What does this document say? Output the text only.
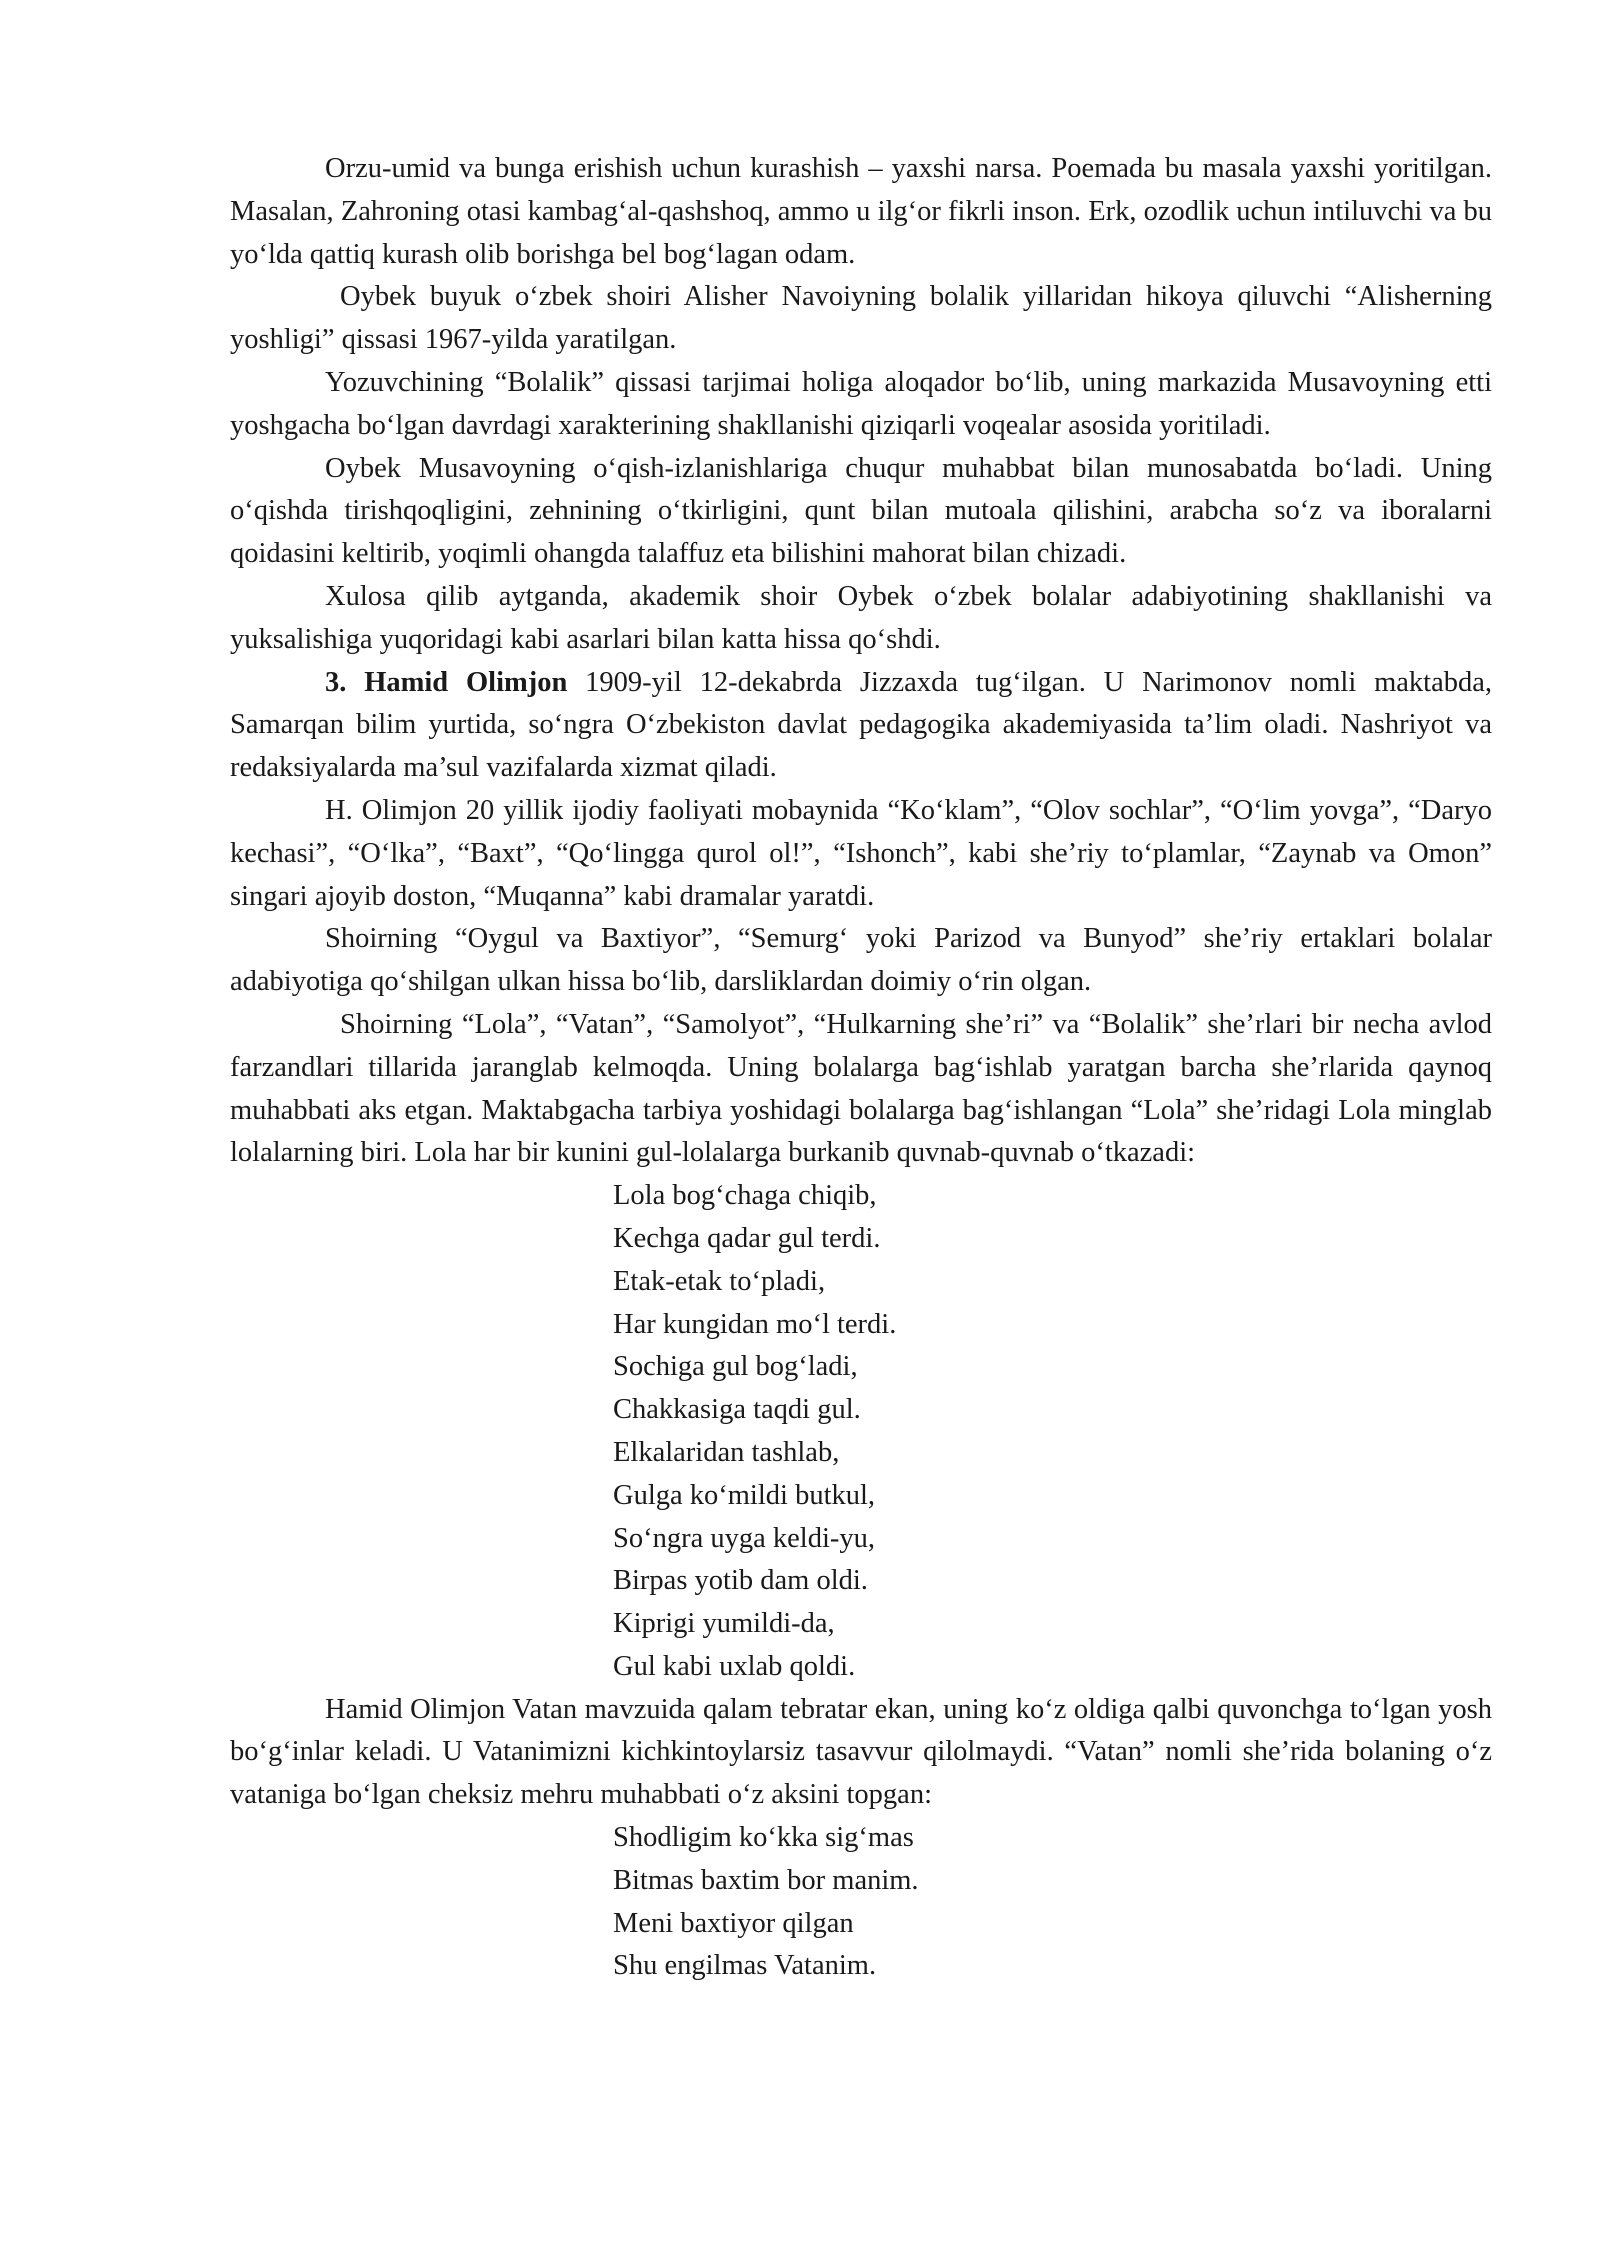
Orzu-umid va bunga erishish uchun kurashish – yaxshi narsa. Poemada bu masala yaxshi yoritilgan. Masalan, Zahroning otasi kambag‘al-qashshoq, ammo u ilg‘or fikrli inson. Erk, ozodlik uchun intiluvchi va bu yo‘lda qattiq kurash olib borishga bel bog‘lagan odam.

Oybek buyuk o‘zbek shoiri Alisher Navoiyning bolalik yillaridan hikoya qiluvchi “Alisherning yoshligi” qissasi 1967-yilda yaratilgan.

Yozuvchining “Bolalik” qissasi tarjimai holiga aloqador bo‘lib, uning markazida Musavoyning etti yoshgacha bo‘lgan davrdagi xarakterining shakllanishi qiziqarli voqealar asosida yoritiladi.

Oybek Musavoyning o‘qish-izlanishlariga chuqur muhabbat bilan munosabatda bo‘ladi. Uning o‘qishda tirishqoqligini, zehnining o‘tkirligini, qunt bilan mutoala qilishini, arabcha so‘z va iboralarni qoidasini keltirib, yoqimli ohangda talaffuz eta bilishini mahorat bilan chizadi.

Xulosa qilib aytganda, akademik shoir Oybek o‘zbek bolalar adabiyotining shakllanishi va yuksalishiga yuqoridagi kabi asarlari bilan katta hissa qo‘shdi.

3. Hamid Olimjon 1909-yil 12-dekabrda Jizzaxda tug‘ilgan. U Narimonov nomli maktabda, Samarqan bilim yurtida, so‘ngra O‘zbekiston davlat pedagogika akademiyasida ta’lim oladi. Nashriyot va redaksiyalarda ma’sul vazifalarda xizmat qiladi.

H. Olimjon 20 yillik ijodiy faoliyati mobaynida “Ko‘klam”, “Olov sochlar”, “O‘lim yovga”, “Daryo kechasi”, “O‘lka”, “Baxt”, “Qo‘lingga qurol ol!”, “Ishonch”, kabi she’riy to‘plamlar, “Zaynab va Omon” singari ajoyib doston, “Muqanna” kabi dramalar yaratdi.

Shoirning “Oygul va Baxtiyor”, “Semurg‘ yoki Parizod va Bunyod” she’riy ertaklari bolalar adabiyotiga qo‘shilgan ulkan hissa bo‘lib, darsliklardan doimiy o‘rin olgan.

Shoirning “Lola”, “Vatan”, “Samolyot”, “Hulkarning she’ri” va “Bolalik” she’rlari bir necha avlod farzandlari tillarida jaranglab kelmoqda. Uning bolalarga bag‘ishlab yaratgan barcha she’rlarida qaynoq muhabbati aks etgan. Maktabgacha tarbiya yoshidagi bolalarga bag‘ishlangan “Lola” she’ridagi Lola minglab lolalarning biri. Lola har bir kunini gul-lolalarga burkanib quvnab-quvnab o‘tkazadi:

Lola bog‘chaga chiqib,
Kechga qadar gul terdi.
Etak-etak to‘pladi,
Har kungidan mo‘l terdi.
Sochiga gul bog‘ladi,
Chakkasiga taqdi gul.
Elkalaridan tashlab,
Gulga ko‘mildi butkul,
So‘ngra uyga keldi-yu,
Birpas yotib dam oldi.
Kiprigi yumildi-da,
Gul kabi uxlab qoldi.

Hamid Olimjon Vatan mavzuida qalam tebratar ekan, uning ko‘z oldiga qalbi quvonchga to‘lgan yosh bo‘g‘inlar keladi. U Vatanimizni kichkintoylarsiz tasavvur qilolmaydi. “Vatan” nomli she’rida bolaning o‘z vataniga bo‘lgan cheksiz mehru muhabbati o‘z aksini topgan:

Shodligim ko‘kka sig‘mas
Bitmas baxtim bor manim.
Meni baxtiyor qilgan
Shu engilmas Vatanim.
